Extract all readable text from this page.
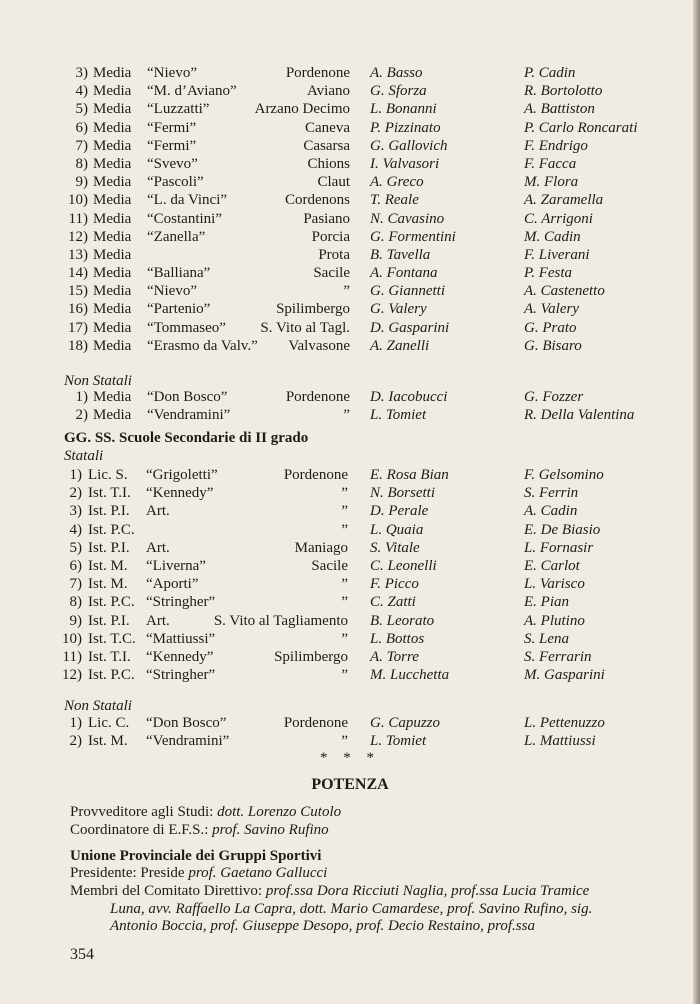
3) Media “Nievo”	Pordenone A. Basso	P. Cadin
4) Media “M. d’Aviano”	Aviano G. Sforza	R. Bortolotto
5) Media “Luzzatti”	Arzano Decimo L. Bonanni	A. Battiston
6) Media “Fermi”	Caneva P. Pizzinato	P. Carlo Roncarati
7) Media “Fermi”	Casarsa G. Gallovich	F. Endrigo
8) Media “Svevo”	Chions I. Valvasori	F. Facca
9) Media “Pascoli”	Claut A. Greco	M. Flora
10) Media “L. da Vinci”	Cordenons T. Reale	A. Zaramella
11) Media “Costantini”	Pasiano N. Cavasino	C. Arrigoni
12) Media “Zanella”	Porcia G. Formentini	M. Cadin
13) Media	Prota B. Tavella	F. Liverani
14) Media “Balliana”	Sacile A. Fontana	P. Festa
15) Media “Nievo”	” G. Giannetti	A. Castenetto
16) Media “Partenio”	Spilimbergo G. Valery	A. Valery
17) Media “Tommaseo” S. Vito al Tagl. D. Gasparini	G. Prato
18) Media “Erasmo da Valv.” Valvasone A. Zanelli	G. Bisaro
Non Statali
1) Media “Don Bosco”	Pordenone D. Iacobucci	G. Fozzer
2) Media “Vendramini”	” L. Tomiet	R. Della Valentina
GG. SS. Scuole Secondarie di II grado
Statali
1) Lic. S. “Grigoletti”	Pordenone E. Rosa Bian	F. Gelsomino
2) Ist. T.I. “Kennedy”	” N. Borsetti	S. Ferrin
3) Ist. P.I. Art.	” D. Perale	A. Cadin
4) Ist. P.C.	” L. Quaia	E. De Biasio
5) Ist. P.I. Art.	Maniago S. Vitale	L. Fornasir
6) Ist. M. “Liverna”	Sacile C. Leonelli	E. Carlot
7) Ist. M. “Aporti”	” F. Picco	L. Varisco
8) Ist. P.C. “Stringher”	” C. Zatti	E. Pian
9) Ist. P.I. Art.	S. Vito al Tagliamento B. Leorato	A. Plutino
10) Ist. T.C. “Mattiussi”	” L. Bottos	S. Lena
11) Ist. T.I. “Kennedy”	Spilimbergo A. Torre	S. Ferrarin
12) Ist. P.C. “Stringher”	” M. Lucchetta	M. Gasparini
Non Statali
1) Lic. C. “Don Bosco”	Pordenone G. Capuzzo	L. Pettenuzzo
2) Ist. M. “Vendramini”	” L. Tomiet	L. Mattiussi
* * *
POTENZA
Provveditore agli Studi: dott. Lorenzo Cutolo
Coordinatore di E.F.S.: prof. Savino Rufino
Unione Provinciale dei Gruppi Sportivi
Presidente: Preside prof. Gaetano Gallucci
Membri del Comitato Direttivo: prof.ssa Dora Ricciuti Naglia, prof.ssa Lucia Tramice
Luna, avv. Raffaello La Capra, dott. Mario Camardese, prof. Savino Rufino, sig.
Antonio Boccia, prof. Giuseppe Desopo, prof. Decio Restaino, prof.ssa
354
